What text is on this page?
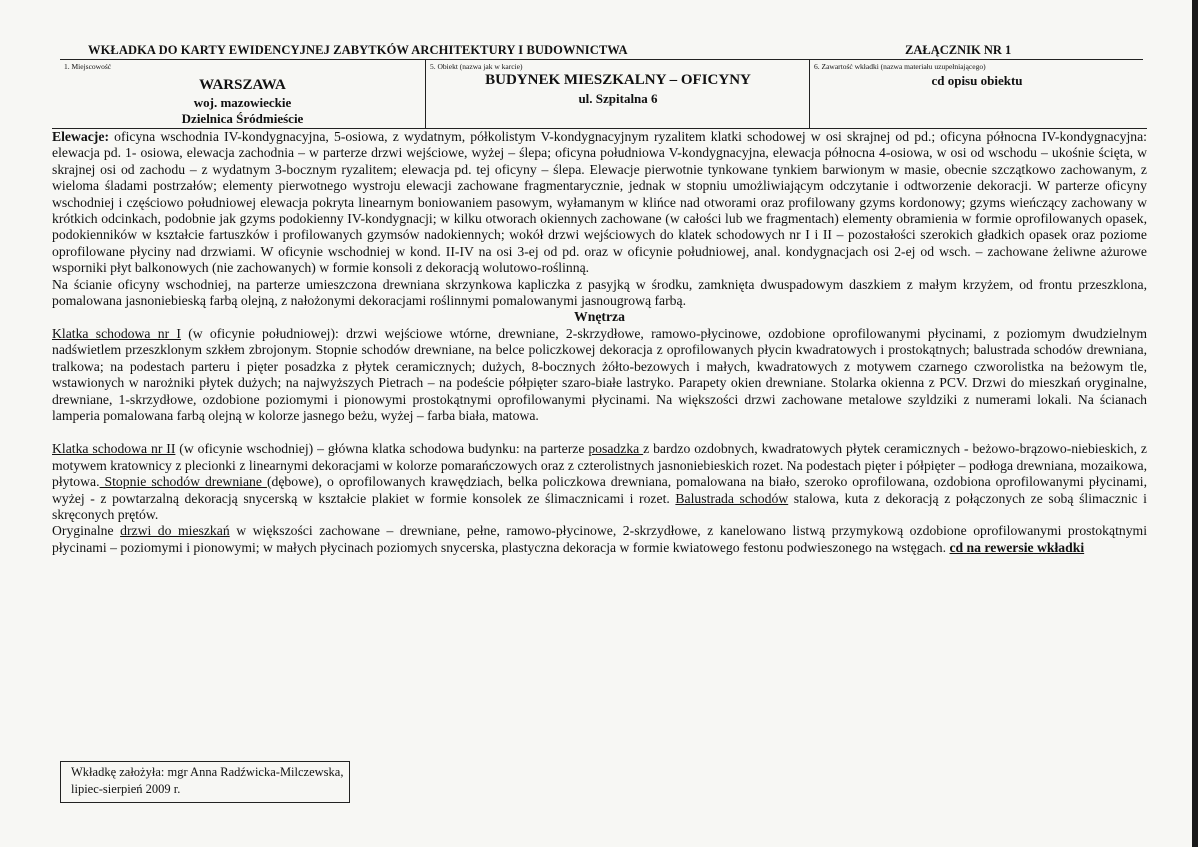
WKŁADKA DO KARTY EWIDENCYJNEJ ZABYTKÓW ARCHITEKTURY I BUDOWNICTWA	ZAŁĄCZNIK NR 1
1. Miejscowość
WARSZAWA
woj. mazowieckie
Dzielnica Śródmieście
5. Obiekt (nazwa jak w karcie)
BUDYNEK MIESZKALNY – OFICYNY
ul. Szpitalna 6
6. Zawartość wkładki (nazwa materiału uzupełniającego)
cd opisu obiektu

Elewacje: oficyna wschodnia IV-kondygnacyjna, 5-osiowa, z wydatnym, półkolistym V-kondygnacyjnym ryzalitem klatki schodowej w osi skrajnej od pd.; oficyna północna IV-kondygnacyjna: elewacja pd. 1- osiowa, elewacja zachodnia – w parterze drzwi wejściowe, wyżej – ślepa; oficyna południowa V-kondygnacyjna, elewacja północna 4-osiowa, w osi od wschodu – ukośnie ścięta, w skrajnej osi od zachodu – z wydatnym 3-bocznym ryzalitem; elewacja pd. tej oficyny – ślepa. Elewacje pierwotnie tynkowane tynkiem barwionym w masie, obecnie szczątkowo zachowanym, z wieloma śladami postrzałów; elementy pierwotnego wystroju elewacji zachowane fragmentarycznie, jednak w stopniu umożliwiającym odczytanie i odtworzenie dekoracji. W parterze oficyny wschodniej i częściowo południowej elewacja pokryta linearnym boniowaniem pasowym, wyłamanym w klińce nad otworami oraz profilowany gzyms kordonowy; gzyms wieńczący zachowany w krótkich odcinkach, podobnie jak gzyms podokienny IV-kondygnacji; w kilku otworach okiennych zachowane (w całości lub we fragmentach) elementy obramienia w formie oprofilowanych opasek, podokienników w kształcie fartuszków i profilowanych gzymsów nadokiennych; wokół drzwi wejściowych do klatek schodowych nr I i II – pozostałości szerokich gładkich opasek oraz poziome oprofilowane płyciny nad drzwiami. W oficynie wschodniej w kond. II-IV na osi 3-ej od pd. oraz w oficynie południowej, anal. kondygnacjach osi 2-ej od wsch. – zachowane żeliwne ażurowe wsporniki płyt balkonowych (nie zachowanych) w formie konsoli z dekoracją wolutowo-roślinną.

Na ścianie oficyny wschodniej, na parterze umieszczona drewniana skrzynkowa kapliczka z pasyjką w środku, zamknięta dwuspadowym daszkiem z małym krzyżem, od frontu przeszklona, pomalowana jasnoniebieską farbą olejną, z nałożonymi dekoracjami roślinnymi pomalowanymi jasnougrową farbą.

Wnętrza

Klatka schodowa nr I (w oficynie południowej): drzwi wejściowe wtórne, drewniane, 2-skrzydłowe, ramowo-płycinowe, ozdobione oprofilowanymi płycinami, z poziomym dwudzielnym nadświetlem przeszklonym szkłem zbrojonym. Stopnie schodów drewniane, na belce policzkowej dekoracja z oprofilowanych płycin kwadratowych i prostokątnych; balustrada schodów drewniana, tralkowa; na podestach parteru i pięter posadzka z płytek ceramicznych; dużych, 8-bocznych żółto-bezowych i małych, kwadratowych z motywem czarnego czworolistka na beżowym tle, wstawionych w narożniki płytek dużych; na najwyższych Pietrach – na podeście półpięter szaro-białe lastryko. Parapety okien drewniane. Stolarka okienna z PCV. Drzwi do mieszkań oryginalne, drewniane, 1-skrzydłowe, ozdobione poziomymi i pionowymi prostokątnymi oprofilowanymi płycinami. Na większości drzwi zachowane metalowe szyldziki z numerami lokali. Na ścianach lamperia pomalowana farbą olejną w kolorze jasnego beżu, wyżej – farba biała, matowa.

Klatka schodowa nr II (w oficynie wschodniej) – główna klatka schodowa budynku: na parterze posadzka z bardzo ozdobnych, kwadratowych płytek ceramicznych - beżowo-brązowo-niebieskich, z motywem kratownicy z plecionki z linearnymi dekoracjami w kolorze pomarańczowych oraz z czterolistnych jasnoniebieskich rozet. Na podestach pięter i półpięter – podłoga drewniana, mozaikowa, płytowa. Stopnie schodów drewniane (dębowe), o oprofilowanych krawędziach, belka policzkowa drewniana, pomalowana na biało, szeroko oprofilowana, ozdobiona oprofilowanymi płycinami, wyżej - z powtarzalną dekoracją snycerską w kształcie plakiet w formie konsolek ze ślimacznicami i rozet. Balustrada schodów stalowa, kuta z dekoracją z połączonych ze sobą ślimacznic i skręconych prętów.

Oryginalne drzwi do mieszkań w większości zachowane – drewniane, pełne, ramowo-płycinowe, 2-skrzydłowe, z kanelowano listwą przymykową ozdobione oprofilowanymi prostokątnymi płycinami – poziomymi i pionowymi; w małych płycinach poziomych snycerska, plastyczna dekoracja w formie kwiatowego festonu podwieszonego na wstęgach. cd na rewersie wkładki

Wkładkę założyła: mgr Anna Radźwicka-Milczewska,

lipiec-sierpień 2009 r.
